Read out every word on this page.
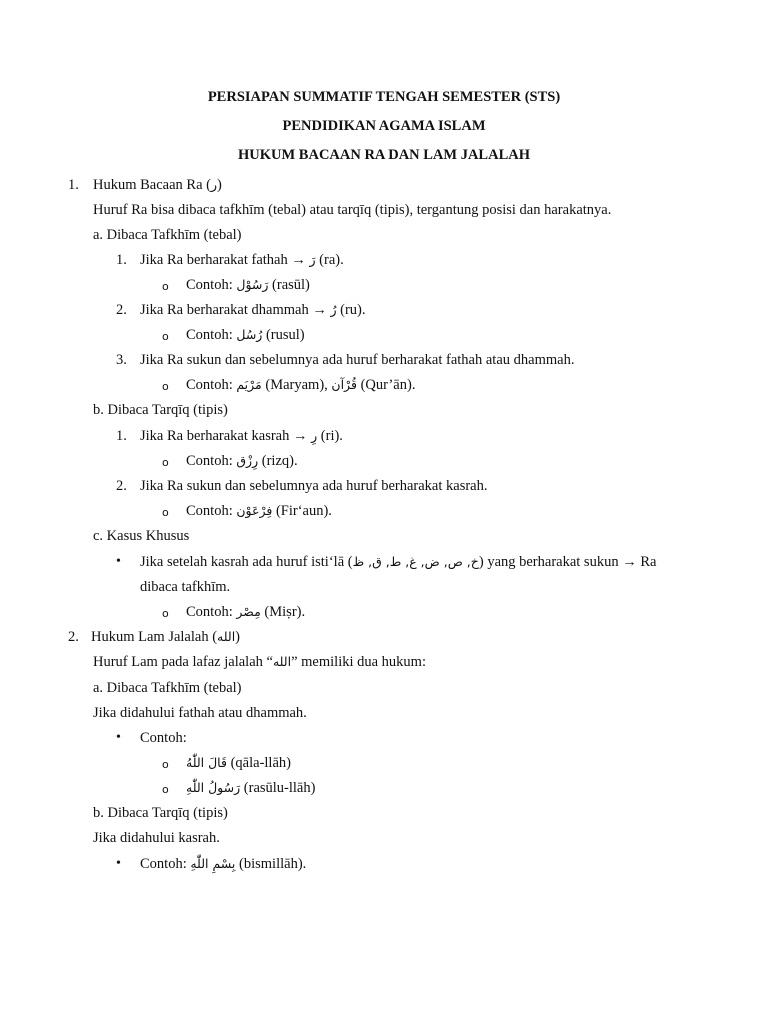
PERSIAPAN SUMMATIF TENGAH SEMESTER (STS)
PENDIDIKAN AGAMA ISLAM
HUKUM BACAAN RA DAN LAM JALALAH
1. Hukum Bacaan Ra (ر)
Huruf Ra bisa dibaca tafkhīm (tebal) atau tarqīq (tipis), tergantung posisi dan harakatnya.
a. Dibaca Tafkhīm (tebal)
1. Jika Ra berharakat fathah → رَ (ra).
o Contoh: رَسُوْل (rasūl)
2. Jika Ra berharakat dhammah → رُ (ru).
o Contoh: رُسُل (rusul)
3. Jika Ra sukun dan sebelumnya ada huruf berharakat fathah atau dhammah.
o Contoh: مَرْيَم (Maryam), قُرْآن (Qur’ān).
b. Dibaca Tarqīq (tipis)
1. Jika Ra berharakat kasrah → رِ (ri).
o Contoh: رِزْق (rizq).
2. Jika Ra sukun dan sebelumnya ada huruf berharakat kasrah.
o Contoh: فِرْعَوْن (Fir‘aun).
c. Kasus Khusus
• Jika setelah kasrah ada huruf isti‘lā (خ, ص, ض, غ, ط, ق, ظ) yang berharakat sukun → Ra
dibaca tafkhīm.
o Contoh: مِصْر (Miṣr).
2. Hukum Lam Jalalah (الله)
Huruf Lam pada lafaz jalalah “الله” memiliki dua hukum:
a. Dibaca Tafkhīm (tebal)
Jika didahului fathah atau dhammah.
• Contoh:
o قَالَ اللّٰهُ (qāla-llāh)
o رَسُولُ اللّٰهِ (rasūlu-llāh)
b. Dibaca Tarqīq (tipis)
Jika didahului kasrah.
• Contoh: بِسْمِ اللّٰهِ (bismillāh).
